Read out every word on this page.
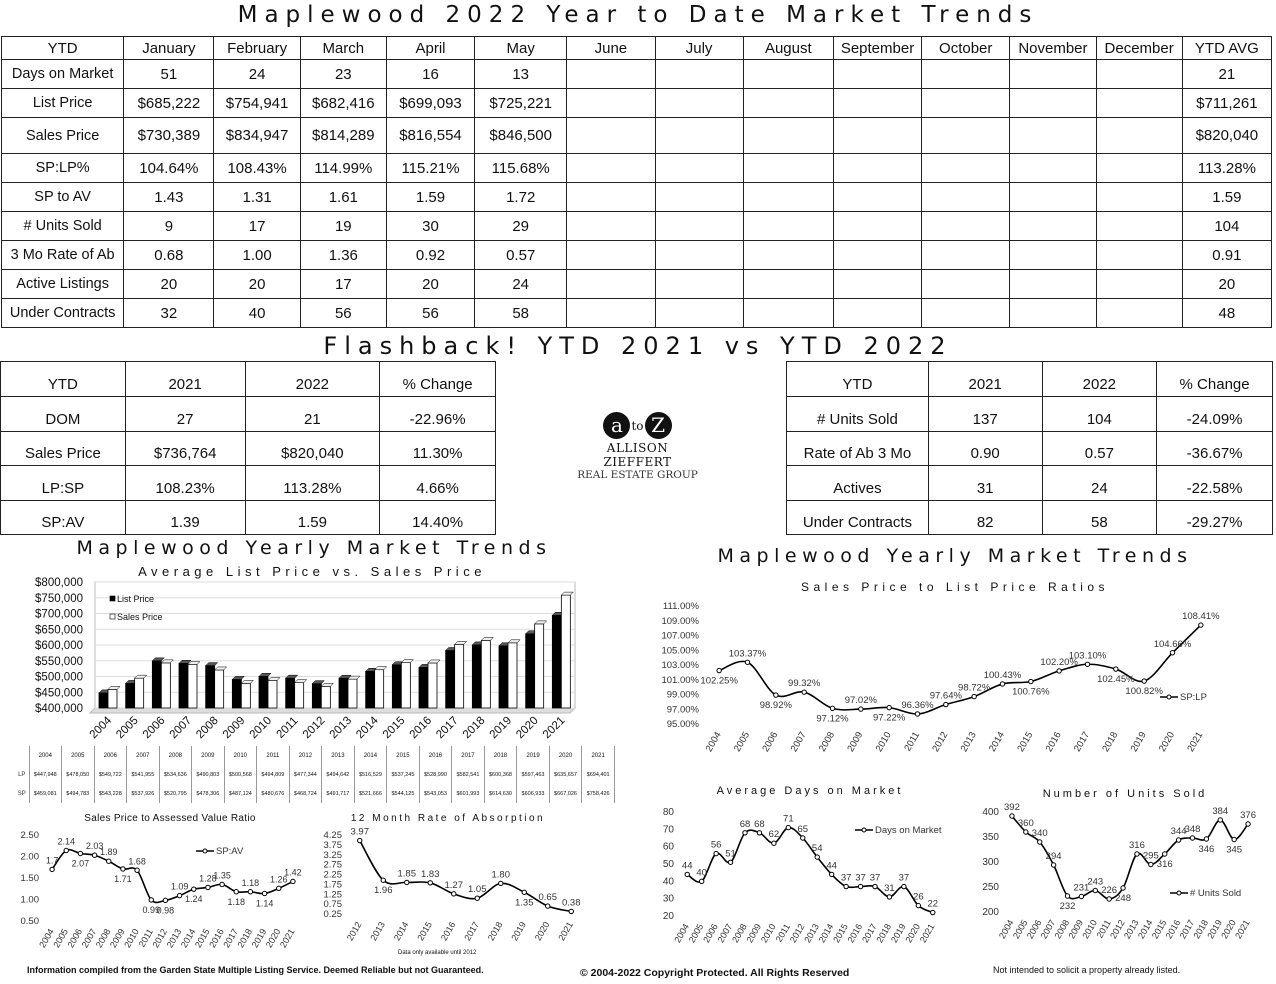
Maplewood 2022 Year to Date Market Trends
YTD	January	February	March	April	May	June	July	August	September	October	November	December	YTD AVG
Days on Market	51	24	23	16	13								21
List Price	$685,222	$754,941	$682,416	$699,093	$725,221								$711,261
Sales Price	$730,389	$834,947	$814,289	$816,554	$846,500								$820,040
SP:LP%	104.64%	108.43%	114.99%	115.21%	115.68%								113.28%
SP to AV	1.43	1.31	1.61	1.59	1.72								1.59
# Units Sold	9	17	19	30	29								104
3 Mo Rate of Ab	0.68	1.00	1.36	0.92	0.57								0.91
Active Listings	20	20	17	20	24								20
Under Contracts	32	40	56	56	58								48
Flashback! YTD 2021 vs YTD 2022
YTD	2021	2022	% Change
DOM	27	21	-22.96%
Sales Price	$736,764	$820,040	11.30%
LP:SP	108.23%	113.28%	4.66%
SP:AV	1.39	1.59	14.40%
YTD	2021	2022	% Change
# Units Sold	137	104	-24.09%
Rate of Ab 3 Mo	0.90	0.57	-36.67%
Actives	31	24	-22.58%
Under Contracts	82	58	-29.27%
a to Z
ALLISON ZIEFFERT
REAL ESTATE GROUP
Maplewood Yearly Market Trends	Maplewood Yearly Market Trends
Average List Price vs. Sales Price
$400,000
$450,000
$500,000
$550,000
$600,000
$650,000
$700,000
$750,000
$800,000
2004 2005 2006 2007 2008 2009 2010 2011 2012 2013 2014 2015 2016 2017 2018 2019 2020 2021
List Price
Sales Price
Sales Price to List Price Ratios
95.00%
97.00%
99.00%
101.00%
103.00%
105.00%
107.00%
109.00%
111.00%
102.25%
103.37%
98.92%
99.32%
97.12%
97.02%
97.22%
96.36%
97.64%
98.72%
100.43%
100.76%
102.20%
103.10%
102.45%
100.82%
104.66%
108.41%
2004 2005 2006 2007 2008 2009 2010 2011 2012 2013 2014 2015 2016 2017 2018 2019 2020 2021
SP:LP
Sales Price to Assessed Value Ratio
0.50
1.00
1.50
2.00
2.50
1.7
2.14
2.07
2.03
1.89
1.71
1.68
0.99
0.98
1.09
1.24
1.28
1.35
1.18
1.18
1.14
1.26
1.42
2004
2005
2006
2007
2008
2009
2010
2011
2012
2013
2014
2015
2016
2017
2018
2019
2020
2021
SP:AV
12 Month Rate of Absorption
0.25
0.75
1.25
1.75
2.25
2.75
3.25
3.75
4.25 3.97
1.96
1.85 1.83
1.27 1.05
1.80
1.35 0.65 0.38
2012 2013 2014 2015 2016 2017 2018 2019 2020 2021
Average Days on Market
20
30
40
50
60
70
80
44
40
56
51
68 68
62
71
65
54
44
37 37 37
31
37
26
22
2004
2005
2006
2007
2008
2009
2010
2011
2012
2013
2014
2015
2016
2017
2018
2019
2020
2021
Days on Market
Number of Units Sold
200
250
300
350
400 392
360
340
294
232
231
243
226
248
316
295
316
344
348
346
384
345
376
2004
2005
2006
2007
2008
2009
2010
2011
2012
2013
2014
2015
2016
2017
2018
2019
2020
2021
# Units Sold
	2004	2005	2006	2007	2008	2009	2010	2011	2012	2013	2014	2015	2016	2017	2018	2019	2020	2021
LP	$447,948	$478,050	$549,722	$541,955	$534,636	$490,803	$500,568	$494,809	$477,344	$494,642	$516,529	$537,245	$528,990	$582,541	$600,368	$597,463	$635,657	$694,401
SP	$459,081	$494,783	$543,228	$537,926	$520,795	$478,306	$487,124	$480,676	$468,724	$491,717	$521,666	$544,125	$543,053	$601,993	$614,630	$606,933	$667,026	$758,426
Data only available until 2012
Information compiled from the Garden State Multiple Listing Service. Deemed Reliable but not Guaranteed.	© 2004-2022 Copyright Protected. All Rights Reserved	Not intended to solicit a property already listed.
